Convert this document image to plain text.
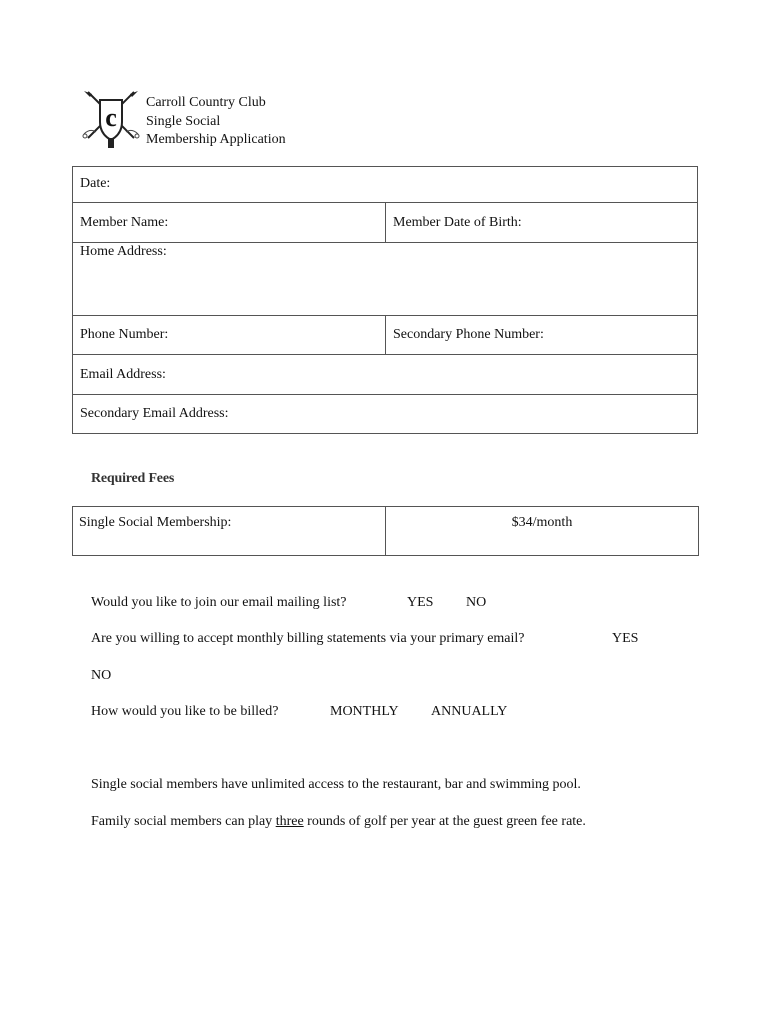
c
Carroll Country Club
Single Social
Membership Application
Date:
Member Name:	Member Date of Birth:
Home Address:
Phone Number:	Secondary Phone Number:
Email Address:
Secondary Email Address:
Required Fees
Single Social Membership:	$34/month
Would you like to join our email mailing list?	YES NO
Are you willing to accept monthly billing statements via your primary email?	YES
NO
How would you like to be billed?	MONTHLY ANNUALLY
Single social members have unlimited access to the restaurant, bar and swimming pool.
Family social members can play three rounds of golf per year at the guest green fee rate.
